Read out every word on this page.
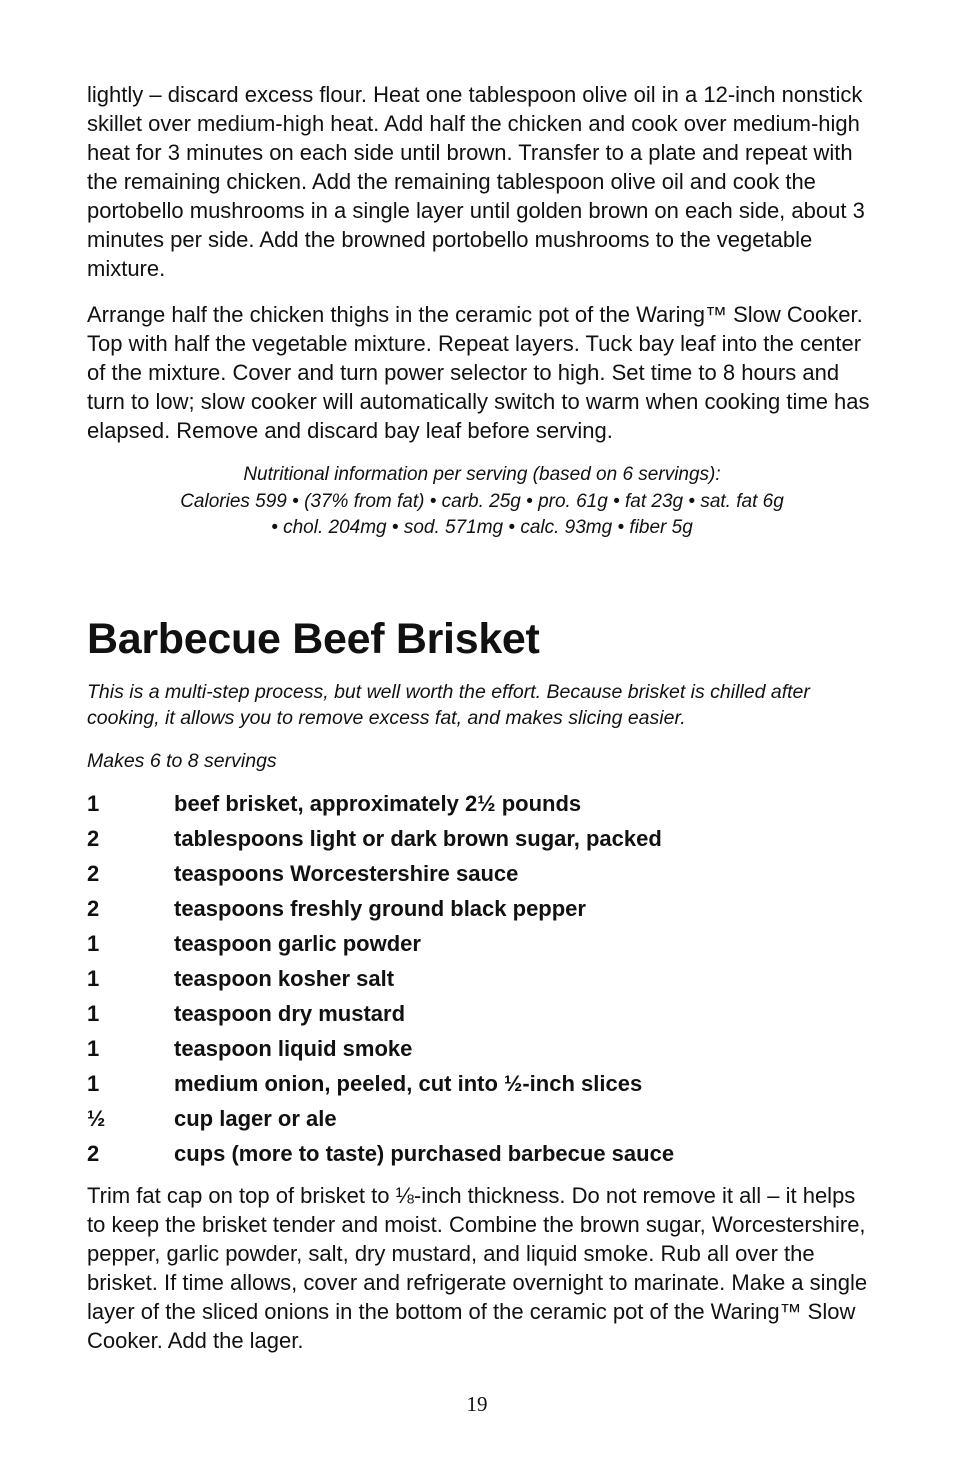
lightly – discard excess flour. Heat one tablespoon olive oil in a 12-inch nonstick skillet over medium-high heat. Add half the chicken and cook over medium-high heat for 3 minutes on each side until brown. Transfer to a plate and repeat with the remaining chicken. Add the remaining tablespoon olive oil and cook the portobello mushrooms in a single layer until golden brown on each side, about 3 minutes per side. Add the browned portobello mushrooms to the vegetable mixture.

Arrange half the chicken thighs in the ceramic pot of the Waring™ Slow Cooker. Top with half the vegetable mixture. Repeat layers. Tuck bay leaf into the center of the mixture. Cover and turn power selector to high. Set time to 8 hours and turn to low; slow cooker will automatically switch to warm when cooking time has elapsed. Remove and discard bay leaf before serving.

Nutritional information per serving (based on 6 servings):
Calories 599 • (37% from fat) • carb. 25g • pro. 61g • fat 23g • sat. fat 6g
• chol. 204mg • sod. 571mg • calc. 93mg • fiber 5g
Barbecue Beef Brisket

This is a multi-step process, but well worth the effort. Because brisket is chilled after cooking, it allows you to remove excess fat, and makes slicing easier.

Makes 6 to 8 servings

1	beef brisket, approximately 2½ pounds
2	tablespoons light or dark brown sugar, packed
2	teaspoons Worcestershire sauce
2	teaspoons freshly ground black pepper
1	teaspoon garlic powder
1	teaspoon kosher salt
1	teaspoon dry mustard
1	teaspoon liquid smoke
1	medium onion, peeled, cut into ½-inch slices
½	cup lager or ale
2	cups (more to taste) purchased barbecue sauce

Trim fat cap on top of brisket to ⅛-inch thickness. Do not remove it all – it helps to keep the brisket tender and moist. Combine the brown sugar, Worcestershire, pepper, garlic powder, salt, dry mustard, and liquid smoke. Rub all over the brisket. If time allows, cover and refrigerate overnight to marinate. Make a single layer of the sliced onions in the bottom of the ceramic pot of the Waring™ Slow Cooker. Add the lager.

19
